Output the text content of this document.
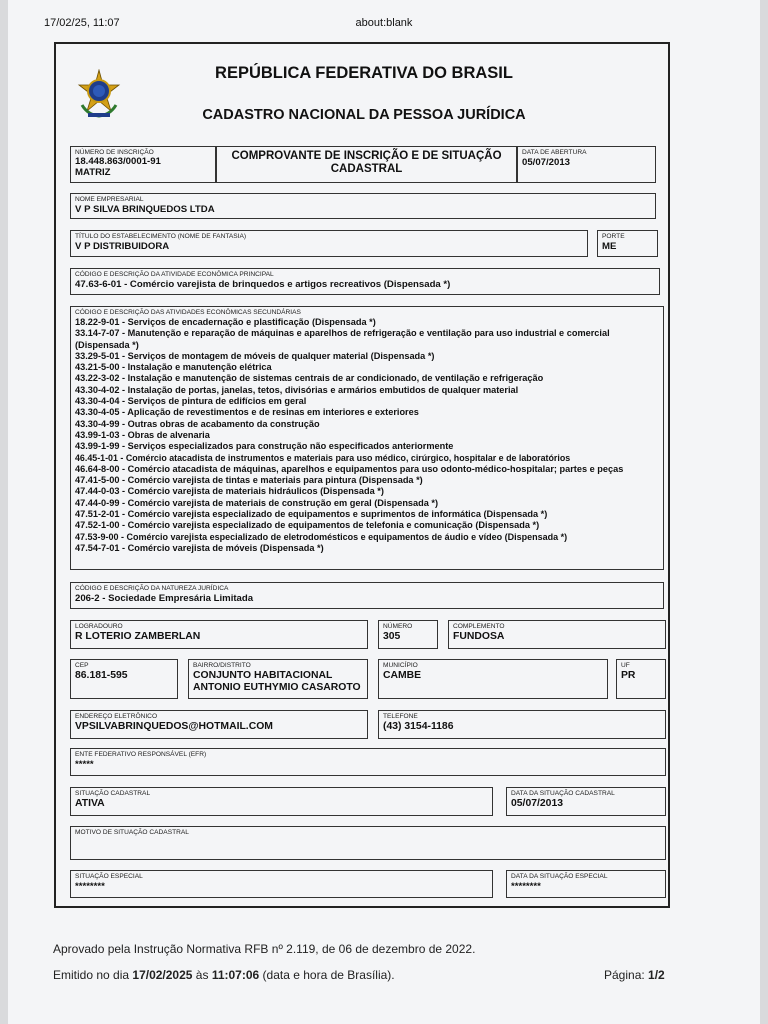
17/02/25, 11:07	about:blank
REPÚBLICA FEDERATIVA DO BRASIL
CADASTRO NACIONAL DA PESSOA JURÍDICA
NÚMERO DE INSCRIÇÃO
18.448.863/0001-91
MATRIZ
COMPROVANTE DE INSCRIÇÃO E DE SITUAÇÃO
CADASTRAL
DATA DE ABERTURA
05/07/2013
NOME EMPRESARIAL
V P SILVA BRINQUEDOS LTDA
TÍTULO DO ESTABELECIMENTO (NOME DE FANTASIA)
V P DISTRIBUIDORA
PORTE
ME
CÓDIGO E DESCRIÇÃO DA ATIVIDADE ECONÔMICA PRINCIPAL
47.63-6-01 - Comércio varejista de brinquedos e artigos recreativos (Dispensada *)
CÓDIGO E DESCRIÇÃO DAS ATIVIDADES ECONÔMICAS SECUNDÁRIAS
18.22-9-01 - Serviços de encadernação e plastificação (Dispensada *)
33.14-7-07 - Manutenção e reparação de máquinas e aparelhos de refrigeração e ventilação para uso industrial e comercial (Dispensada *)
33.29-5-01 - Serviços de montagem de móveis de qualquer material (Dispensada *)
43.21-5-00 - Instalação e manutenção elétrica
43.22-3-02 - Instalação e manutenção de sistemas centrais de ar condicionado, de ventilação e refrigeração
43.30-4-02 - Instalação de portas, janelas, tetos, divisórias e armários embutidos de qualquer material
43.30-4-04 - Serviços de pintura de edifícios em geral
43.30-4-05 - Aplicação de revestimentos e de resinas em interiores e exteriores
43.30-4-99 - Outras obras de acabamento da construção
43.99-1-03 - Obras de alvenaria
43.99-1-99 - Serviços especializados para construção não especificados anteriormente
46.45-1-01 - Comércio atacadista de instrumentos e materiais para uso médico, cirúrgico, hospitalar e de laboratórios
46.64-8-00 - Comércio atacadista de máquinas, aparelhos e equipamentos para uso odonto-médico-hospitalar; partes e peças
47.41-5-00 - Comércio varejista de tintas e materiais para pintura (Dispensada *)
47.44-0-03 - Comércio varejista de materiais hidráulicos (Dispensada *)
47.44-0-99 - Comércio varejista de materiais de construção em geral (Dispensada *)
47.51-2-01 - Comércio varejista especializado de equipamentos e suprimentos de informática (Dispensada *)
47.52-1-00 - Comércio varejista especializado de equipamentos de telefonia e comunicação (Dispensada *)
47.53-9-00 - Comércio varejista especializado de eletrodomésticos e equipamentos de áudio e vídeo (Dispensada *)
47.54-7-01 - Comércio varejista de móveis (Dispensada *)
CÓDIGO E DESCRIÇÃO DA NATUREZA JURÍDICA
206-2 - Sociedade Empresária Limitada
LOGRADOURO
R LOTERIO ZAMBERLAN
NÚMERO
305
COMPLEMENTO
FUNDOSA
CEP
86.181-595
BAIRRO/DISTRITO
CONJUNTO HABITACIONAL
ANTONIO EUTHYMIO CASAROTO
MUNICÍPIO
CAMBE
UF
PR
ENDEREÇO ELETRÔNICO
VPSILVABRINQUEDOS@HOTMAIL.COM
TELEFONE
(43) 3154-1186
ENTE FEDERATIVO RESPONSÁVEL (EFR)
*****
SITUAÇÃO CADASTRAL
ATIVA
DATA DA SITUAÇÃO CADASTRAL
05/07/2013
MOTIVO DE SITUAÇÃO CADASTRAL
SITUAÇÃO ESPECIAL
********
DATA DA SITUAÇÃO ESPECIAL
********
Aprovado pela Instrução Normativa RFB nº 2.119, de 06 de dezembro de 2022.
Emitido no dia 17/02/2025 às 11:07:06 (data e hora de Brasília).	Página: 1/2
